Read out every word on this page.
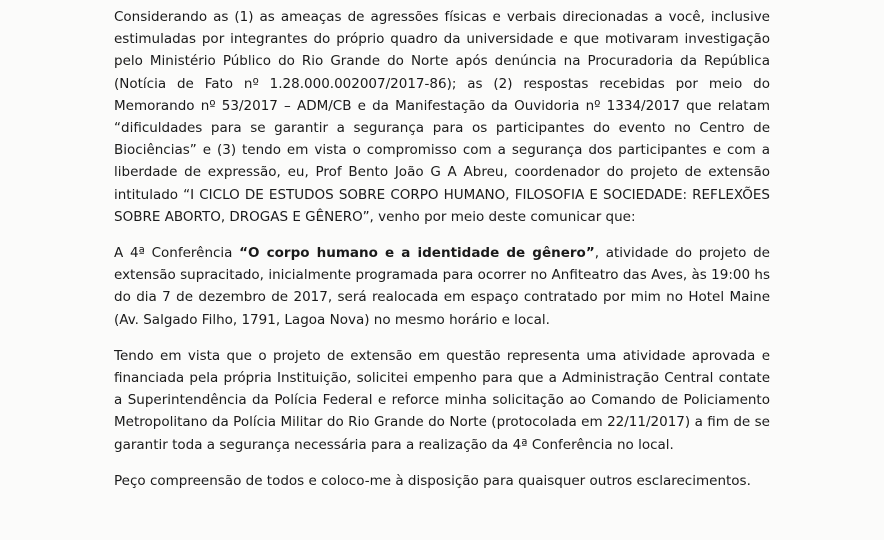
Considerando as (1) as ameaças de agressões físicas e verbais direcionadas a você, inclusive estimuladas por integrantes do próprio quadro da universidade e que motivaram investigação pelo Ministério Público do Rio Grande do Norte após denúncia na Procuradoria da República (Notícia de Fato nº 1.28.000.002007/2017-86); as (2) respostas recebidas por meio do Memorando nº 53/2017 – ADM/CB e da Manifestação da Ouvidoria nº 1334/2017 que relatam “dificuldades para se garantir a segurança para os participantes do evento no Centro de Biociências” e (3) tendo em vista o compromisso com a segurança dos participantes e com a liberdade de expressão, eu, Prof Bento João G A Abreu, coordenador do projeto de extensão intitulado “I CICLO DE ESTUDOS SOBRE CORPO HUMANO, FILOSOFIA E SOCIEDADE: REFLEXÕES SOBRE ABORTO, DROGAS E GÊNERO”, venho por meio deste comunicar que:

A 4ª Conferência “O corpo humano e a identidade de gênero”, atividade do projeto de extensão supracitado, inicialmente programada para ocorrer no Anfiteatro das Aves, às 19:00 hs do dia 7 de dezembro de 2017, será realocada em espaço contratado por mim no Hotel Maine (Av. Salgado Filho, 1791, Lagoa Nova) no mesmo horário e local.

Tendo em vista que o projeto de extensão em questão representa uma atividade aprovada e financiada pela própria Instituição, solicitei empenho para que a Administração Central contate a Superintendência da Polícia Federal e reforce minha solicitação ao Comando de Policiamento Metropolitano da Polícia Militar do Rio Grande do Norte (protocolada em 22/11/2017) a fim de se garantir toda a segurança necessária para a realização da 4ª Conferência no local.

Peço compreensão de todos e coloco-me à disposição para quaisquer outros esclarecimentos.
